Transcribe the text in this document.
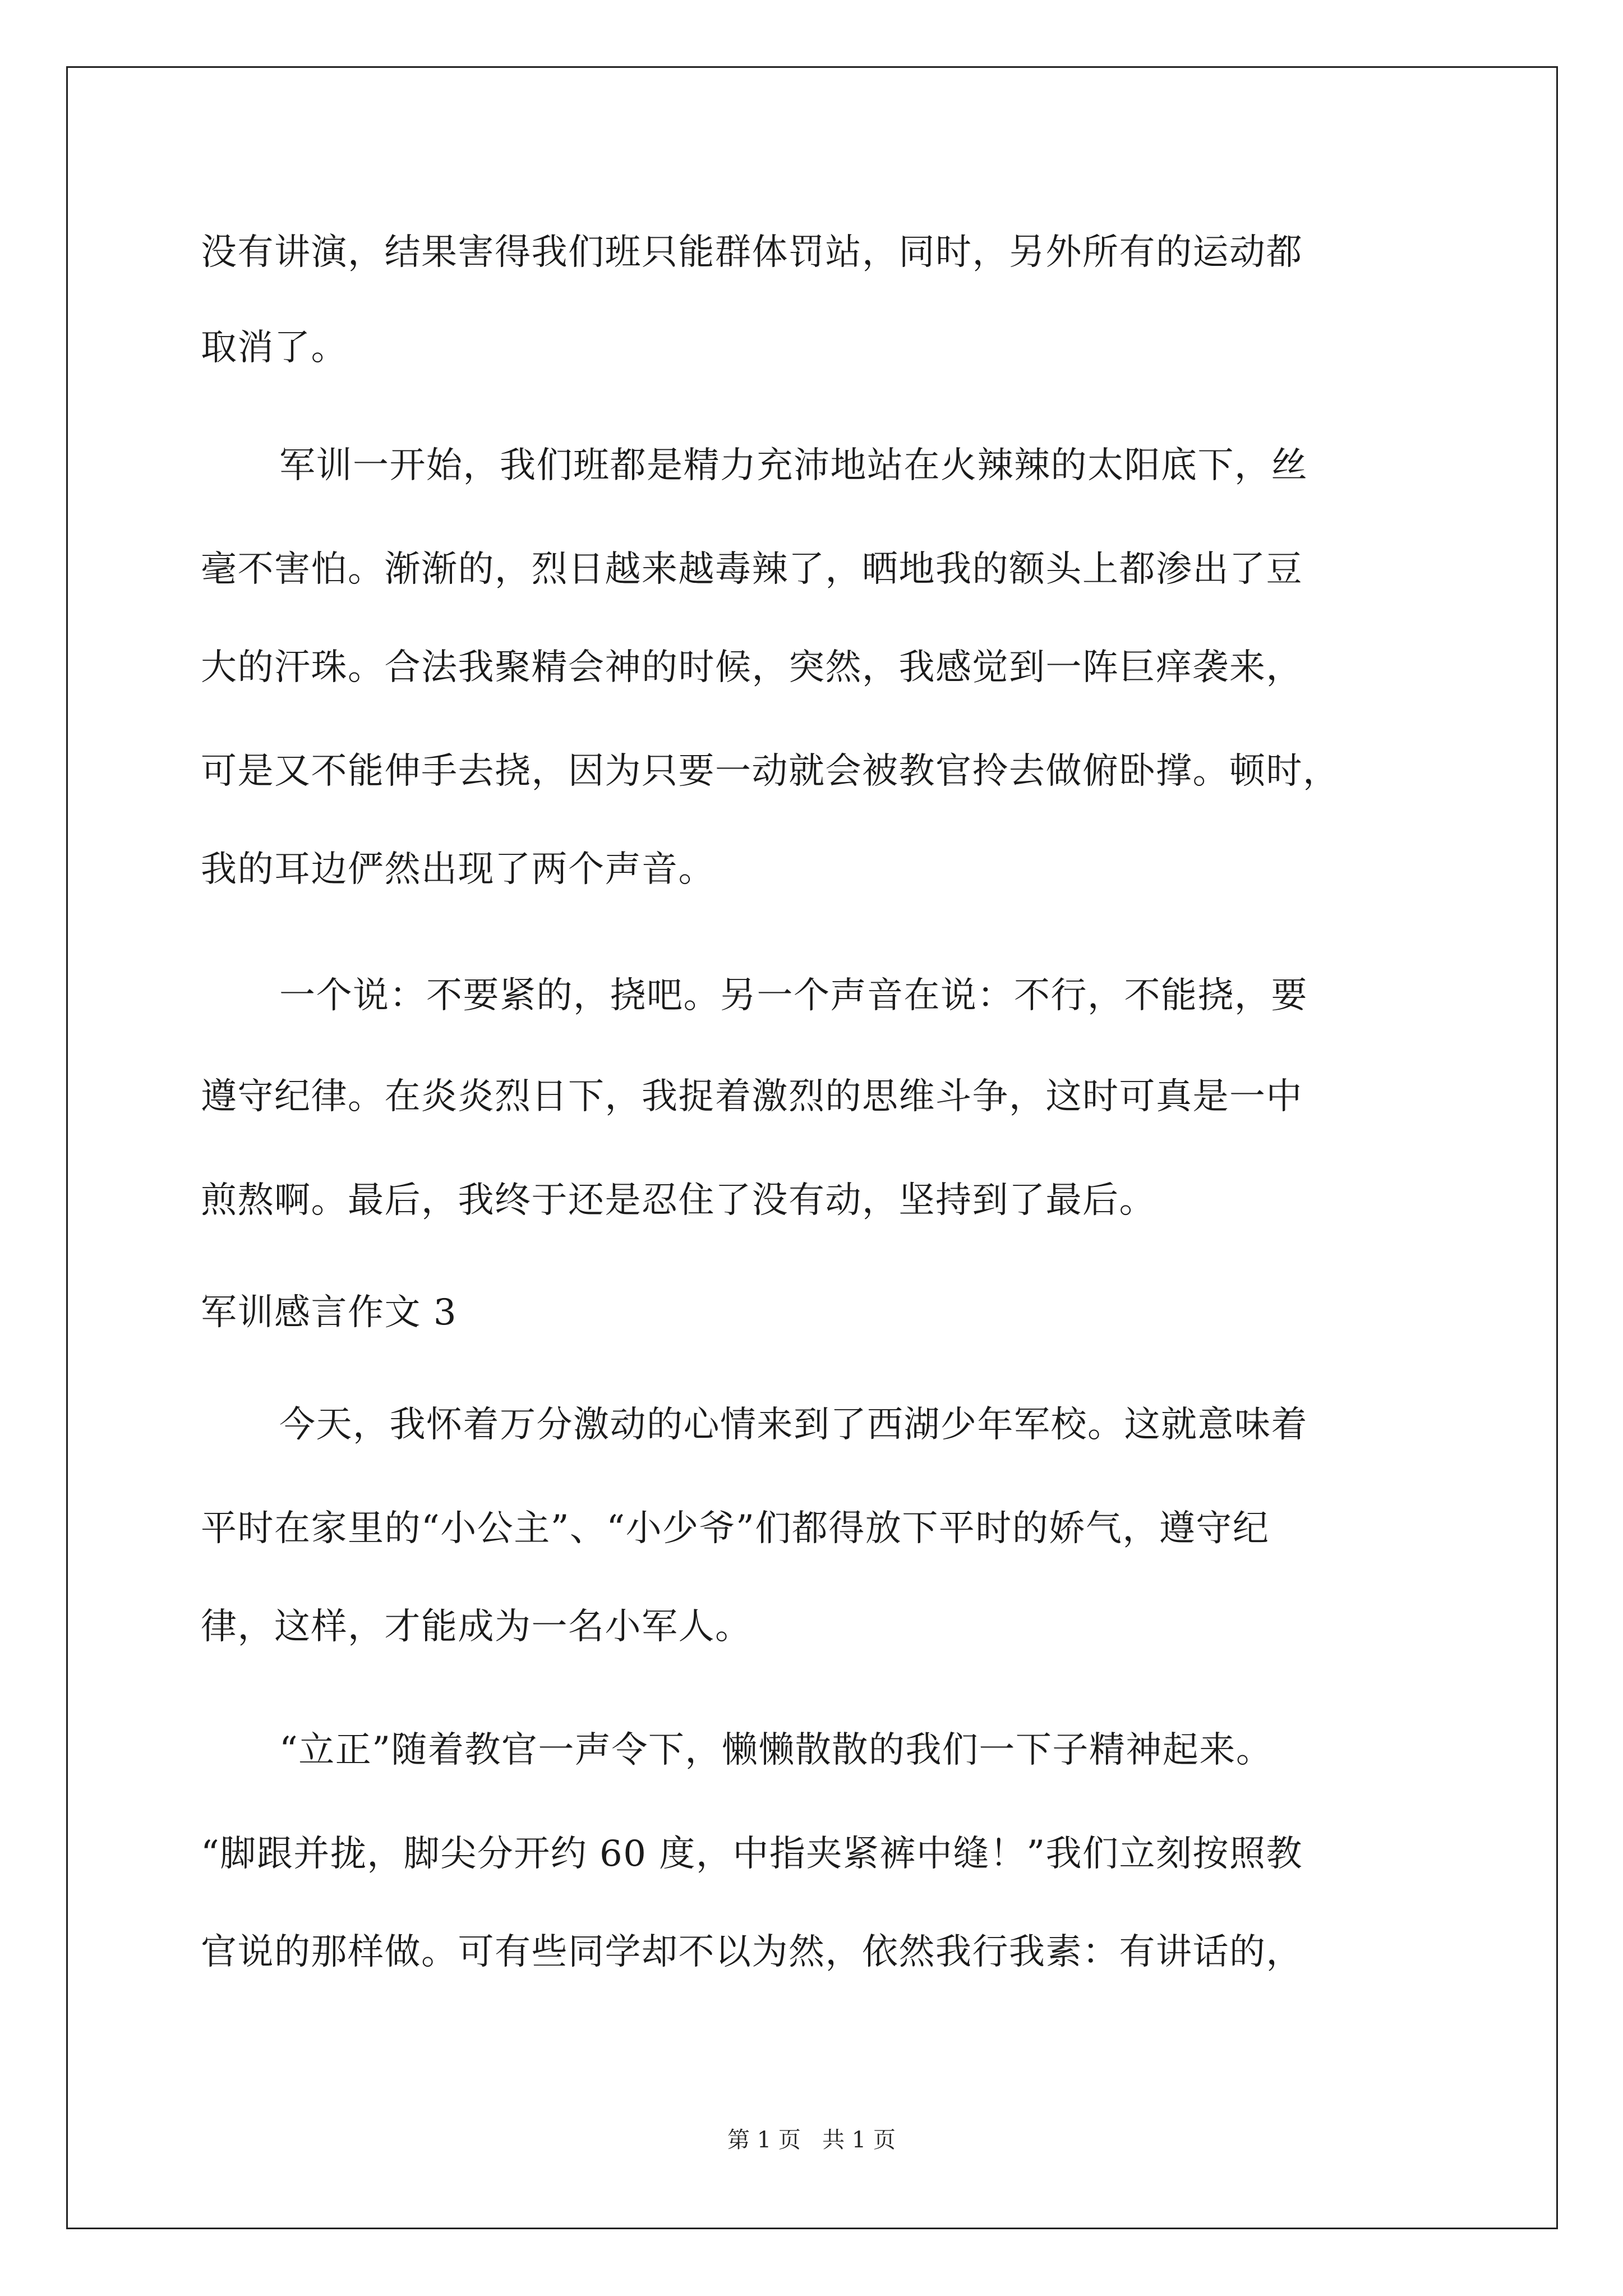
没有讲演，结果害得我们班只能群体罚站，同时，另外所有的运动都
取消了。
军训一开始，我们班都是精力充沛地站在火辣辣的太阳底下，丝
毫不害怕。渐渐的，烈日越来越毒辣了，晒地我的额头上都渗出了豆
大的汗珠。合法我聚精会神的时候，突然，我感觉到一阵巨痒袭来，
可是又不能伸手去挠，因为只要一动就会被教官拎去做俯卧撑。顿时，
我的耳边俨然出现了两个声音。
一个说：不要紧的，挠吧。另一个声音在说：不行，不能挠，要
遵守纪律。在炎炎烈日下，我捉着激烈的思维斗争，这时可真是一中
煎熬啊。最后，我终于还是忍住了没有动，坚持到了最后。
军训感言作文 3
今天，我怀着万分激动的心情来到了西湖少年军校。这就意味着
平时在家里的“小公主”、“小少爷”们都得放下平时的娇气，遵守纪
律，这样，才能成为一名小军人。
“立正”随着教官一声令下，懒懒散散的我们一下子精神起来。
“脚跟并拢，脚尖分开约 60 度，中指夹紧裤中缝！”我们立刻按照教
官说的那样做。可有些同学却不以为然，依然我行我素：有讲话的，
第 1 页 共 1 页
